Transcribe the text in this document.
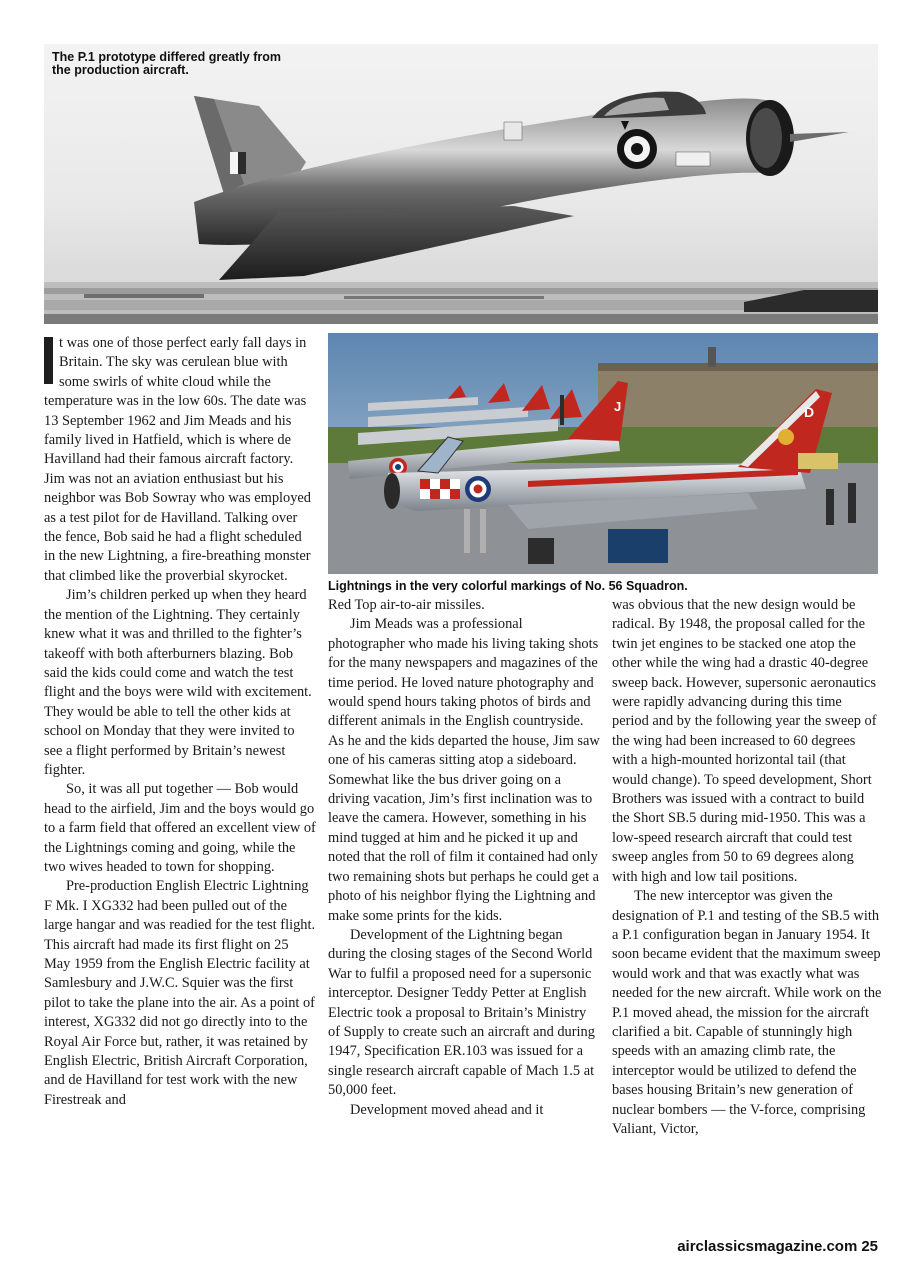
The P.1 prototype differed greatly from the production aircraft.
J	D
Lightnings in the very colorful markings of No. 56 Squadron.

t was one of those perfect early fall days in Britain. The sky was cerulean blue with some swirls of white cloud while the temperature was in the low 60s. The date was 13 September 1962 and Jim Meads and his family lived in Hatfield, which is where de Havilland had their famous aircraft factory. Jim was not an aviation enthusiast but his neighbor was Bob Sowray who was employed as a test pilot for de Havilland. Talking over the fence, Bob said he had a flight scheduled in the new Lightning, a fire-breathing monster that climbed like the proverbial skyrocket.

Jim’s children perked up when they heard the mention of the Lightning. They certainly knew what it was and thrilled to the fighter’s takeoff with both afterburners blazing. Bob said the kids could come and watch the test flight and the boys were wild with excitement. They would be able to tell the other kids at school on Monday that they were invited to see a flight performed by Britain’s newest fighter.

So, it was all put together — Bob would head to the airfield, Jim and the boys would go to a farm field that offered an excellent view of the Lightnings coming and going, while the two wives headed to town for shopping.

Pre-production English Electric Lightning F Mk. I XG332 had been pulled out of the large hangar and was readied for the test flight. This aircraft had made its first flight on 25 May 1959 from the English Electric facility at Samlesbury and J.W.C. Squier was the first pilot to take the plane into the air. As a point of interest, XG332 did not go directly into to the Royal Air Force but, rather, it was retained by English Electric, British Aircraft Corporation, and de Havilland for test work with the new Firestreak and

Red Top air-to-air missiles.

Jim Meads was a professional photographer who made his living taking shots for the many newspapers and magazines of the time period. He loved nature photography and would spend hours taking photos of birds and different animals in the English countryside. As he and the kids departed the house, Jim saw one of his cameras sitting atop a sideboard. Somewhat like the bus driver going on a driving vacation, Jim’s first inclination was to leave the camera. However, something in his mind tugged at him and he picked it up and noted that the roll of film it contained had only two remaining shots but perhaps he could get a photo of his neighbor flying the Lightning and make some prints for the kids.

Development of the Lightning began during the closing stages of the Second World War to fulfil a proposed need for a supersonic interceptor. Designer Teddy Petter at English Electric took a proposal to Britain’s Ministry of Supply to create such an aircraft and during 1947, Specification ER.103 was issued for a single research aircraft capable of Mach 1.5 at 50,000 feet.

Development moved ahead and it

was obvious that the new design would be radical. By 1948, the proposal called for the twin jet engines to be stacked one atop the other while the wing had a drastic 40-degree sweep back. However, supersonic aeronautics were rapidly advancing during this time period and by the following year the sweep of the wing had been increased to 60 degrees with a high-mounted horizontal tail (that would change). To speed development, Short Brothers was issued with a contract to build the Short SB.5 during mid-1950. This was a low-speed research aircraft that could test sweep angles from 50 to 69 degrees along with high and low tail positions.

The new interceptor was given the designation of P.1 and testing of the SB.5 with a P.1 configuration began in January 1954. It soon became evident that the maximum sweep would work and that was exactly what was needed for the new aircraft. While work on the P.1 moved ahead, the mission for the aircraft clarified a bit. Capable of stunningly high speeds with an amazing climb rate, the interceptor would be utilized to defend the bases housing Britain’s new generation of nuclear bombers — the V-force, comprising Valiant, Victor,

airclassicsmagazine.com 25
